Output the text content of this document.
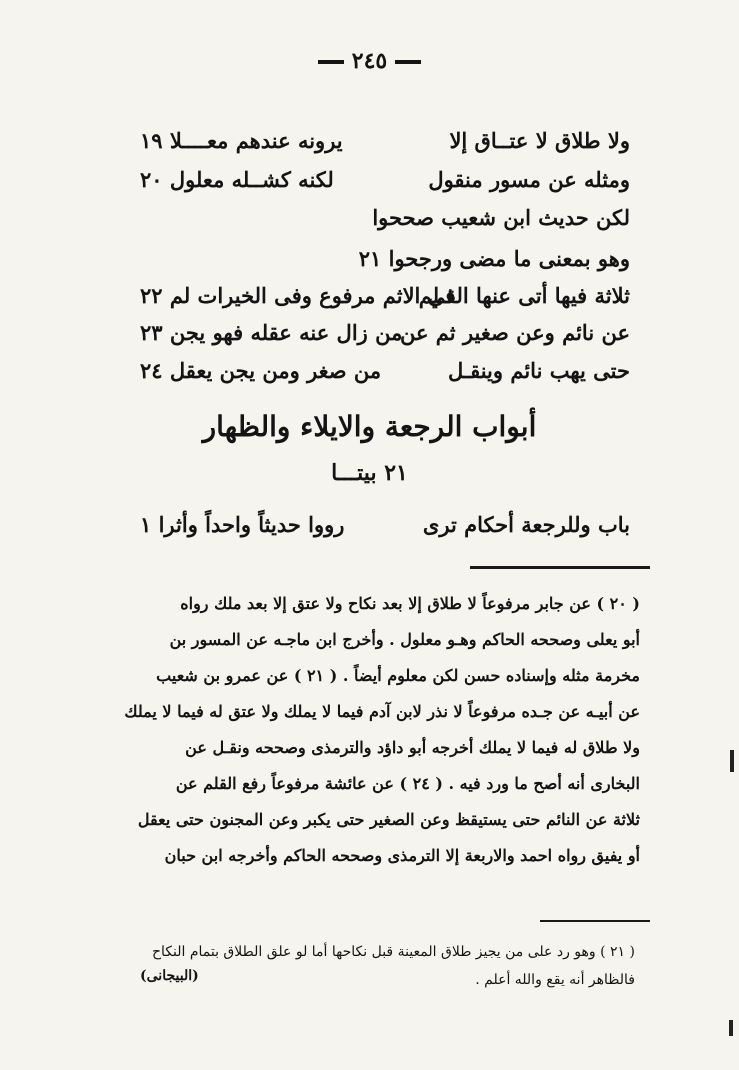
٢٤٥
ولا طلاق لا عتــاق إلا
يرونه عندهم معــــلا ١٩
ومثله عن مسور منقول
لكنه كشــله معلول ٢٠
لكن حديث ابن شعيب صححوا
وهو بمعنى ما مضى ورجحوا ٢١
ثلاثة فيها أتى عنها القـلم
في الاثم مرفوع وفى الخيرات لم ٢٢
عن نائم وعن صغير ثم عن
من زال عنه عقله فهو يجن ٢٣
حتى يهب نائم وينقـل
من صغر ومن يجن يعقل ٢٤
أبواب الرجعة والايلاء والظهار
٢١ بيتـــا
باب وللرجعة أحكام ترى
رووا حديثاً واحداً وأثرا ١
( ٢٠ ) عن جابر مرفوعاً لا طلاق إلا بعد نكاح ولا عتق إلا بعد ملك رواه
أبو يعلى وصححه الحاكم وهـو معلول . وأخرج ابن ماجـه عن المسور بن
مخرمة مثله وإسناده حسن لكن معلوم أيضاً . ( ٢١ ) عن عمرو بن شعيب
عن أبيـه عن جـده مرفوعاً لا نذر لابن آدم فيما لا يملك ولا عتق له فيما لا يملك
ولا طلاق له فيما لا يملك أخرجه أبو داؤد والترمذى وصححه ونقـل عن
البخارى أنه أصح ما ورد فيه . ( ٢٤ ) عن عائشة مرفوعاً رفع القلم عن
ثلاثة عن النائم حتى يستيقظ وعن الصغير حتى يكبر وعن المجنون حتى يعقل
أو يفيق رواه احمد والاربعة إلا الترمذى وصححه الحاكم وأخرجه ابن حبان
( ٢١ ) وهو رد على من يجيز طلاق المعينة قبل نكاحها أما لو علق الطلاق بتمام النكاح
فالظاهر أنه يقع والله أعلم .
(البيجانى)
